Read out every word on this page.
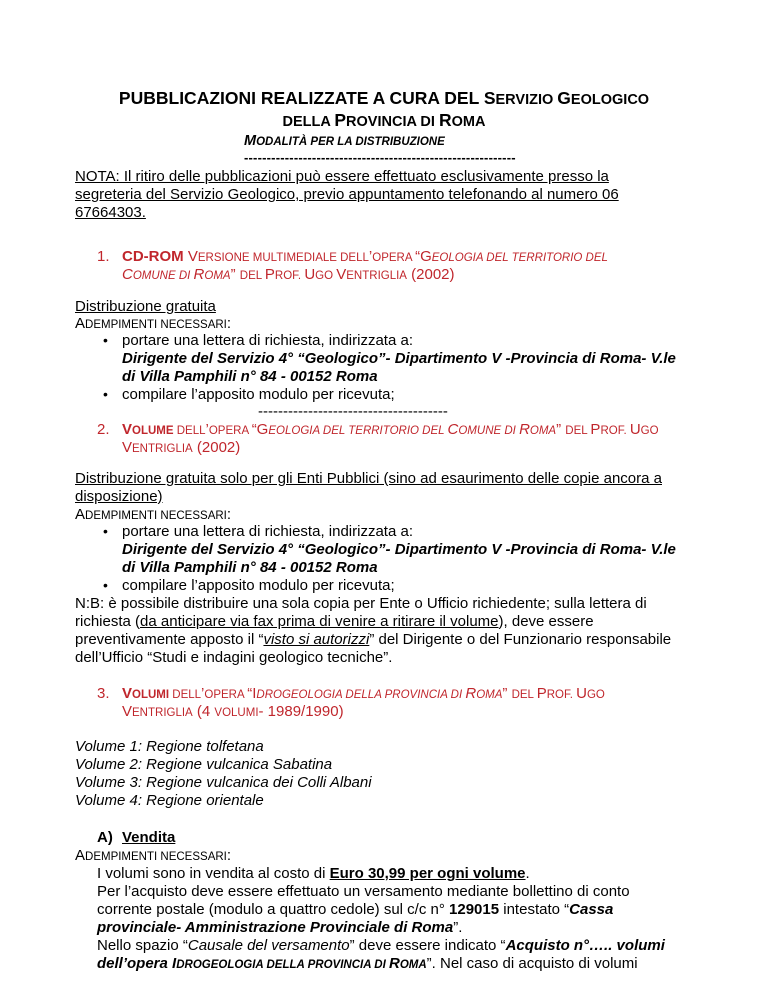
PUBBLICAZIONI REALIZZATE A CURA DEL SERVIZIO GEOLOGICO
DELLA PROVINCIA DI ROMA
MODALITÀ PER LA DISTRIBUZIONE
------------------------------------------------------------
NOTA: Il ritiro delle pubblicazioni può essere effettuato esclusivamente presso la
segreteria del Servizio Geologico, previo appuntamento telefonando al numero 06
67664303.
1. CD-ROM VERSIONE MULTIMEDIALE DELL’OPERA “GEOLOGIA DEL TERRITORIO DEL
COMUNE DI ROMA” DEL PROF. UGO VENTRIGLIA (2002)
Distribuzione gratuita
ADEMPIMENTI NECESSARI:
• portare una lettera di richiesta, indirizzata a:
Dirigente del Servizio 4° “Geologico”- Dipartimento V -Provincia di Roma- V.le
di Villa Pamphili n° 84 - 00152 Roma
• compilare l’apposito modulo per ricevuta;
--------------------------------------
2. VOLUME DELL’OPERA “GEOLOGIA DEL TERRITORIO DEL COMUNE DI ROMA” DEL PROF. UGO
VENTRIGLIA (2002)
Distribuzione gratuita solo per gli Enti Pubblici (sino ad esaurimento delle copie ancora a
disposizione)
ADEMPIMENTI NECESSARI:
• portare una lettera di richiesta, indirizzata a:
Dirigente del Servizio 4° “Geologico”- Dipartimento V -Provincia di Roma- V.le
di Villa Pamphili n° 84 - 00152 Roma
• compilare l’apposito modulo per ricevuta;
N:B: è possibile distribuire una sola copia per Ente o Ufficio richiedente; sulla lettera di
richiesta (da anticipare via fax prima di venire a ritirare il volume), deve essere
preventivamente apposto il “visto si autorizzi” del Dirigente o del Funzionario responsabile
dell’Ufficio “Studi e indagini geologico tecniche”.
3. VOLUMI DELL’OPERA “IDROGEOLOGIA DELLA PROVINCIA DI ROMA” DEL PROF. UGO
VENTRIGLIA (4 VOLUMI- 1989/1990)
Volume 1: Regione tolfetana
Volume 2: Regione vulcanica Sabatina
Volume 3: Regione vulcanica dei Colli Albani
Volume 4: Regione orientale
A) Vendita
ADEMPIMENTI NECESSARI:
I volumi sono in vendita al costo di Euro 30,99 per ogni volume.
Per l’acquisto deve essere effettuato un versamento mediante bollettino di conto
corrente postale (modulo a quattro cedole) sul c/c n° 129015 intestato “Cassa
provinciale- Amministrazione Provinciale di Roma”.
Nello spazio “Causale del versamento” deve essere indicato “Acquisto n°….. volumi
dell’opera IDROGEOLOGIA DELLA PROVINCIA DI ROMA”. Nel caso di acquisto di volumi
